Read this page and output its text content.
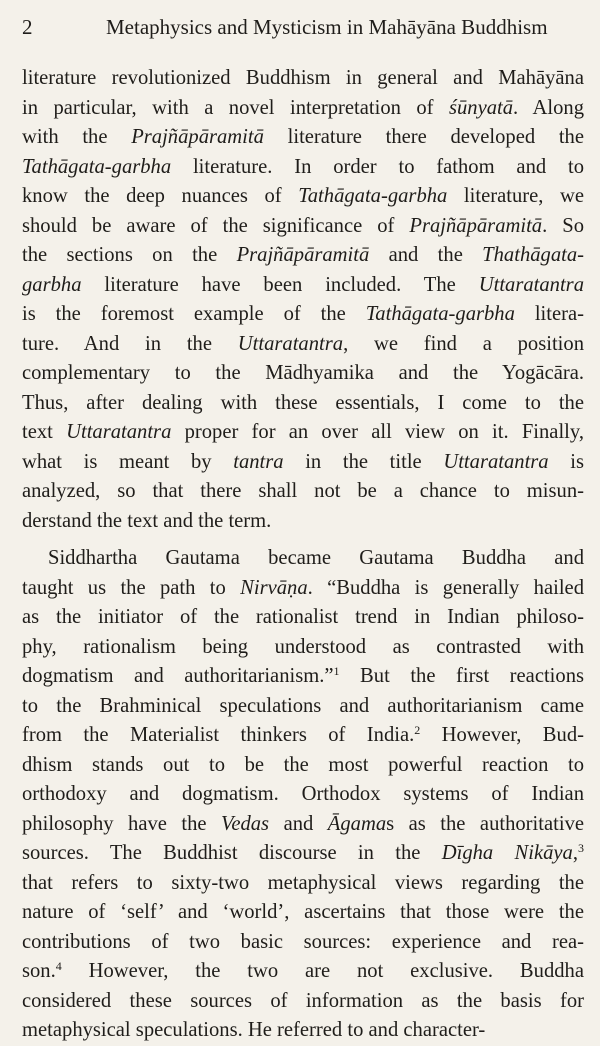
2	Metaphysics and Mysticism in Mahāyāna Buddhism
literature revolutionized Buddhism in general and Mahāyāna
in particular, with a novel interpretation of śūnyatā. Along
with the Prajñāpāramitā literature there developed the
Tathāgata-garbha literature. In order to fathom and to
know the deep nuances of Tathāgata-garbha literature, we
should be aware of the significance of Prajñāpāramitā. So
the sections on the Prajñāpāramitā and the Thathāgata-
garbha literature have been included. The Uttaratantra
is the foremost example of the Tathāgata-garbha litera-
ture. And in the Uttaratantra, we find a position
complementary to the Mādhyamika and the Yogācāra.
Thus, after dealing with these essentials, I come to the
text Uttaratantra proper for an over all view on it. Finally,
what is meant by tantra in the title Uttaratantra is
analyzed, so that there shall not be a chance to misun-
derstand the text and the term.
Siddhartha Gautama became Gautama Buddha and
taught us the path to Nirvāṇa. “Buddha is generally hailed
as the initiator of the rationalist trend in Indian philoso-
phy, rationalism being understood as contrasted with
dogmatism and authoritarianism.”$^1$ But the first reactions
to the Brahminical speculations and authoritarianism came
from the Materialist thinkers of India.$^2$ However, Bud-
dhism stands out to be the most powerful reaction to
orthodoxy and dogmatism. Orthodox systems of Indian
philosophy have the Vedas and Āgamas as the authoritative
sources. The Buddhist discourse in the Dīgha Nikāya,$^3$
that refers to sixty-two metaphysical views regarding the
nature of ‘self’ and ‘world’, ascertains that those were the
contributions of two basic sources: experience and rea-
son.$^4$ However, the two are not exclusive. Buddha
considered these sources of information as the basis for
metaphysical speculations. He referred to and character-
